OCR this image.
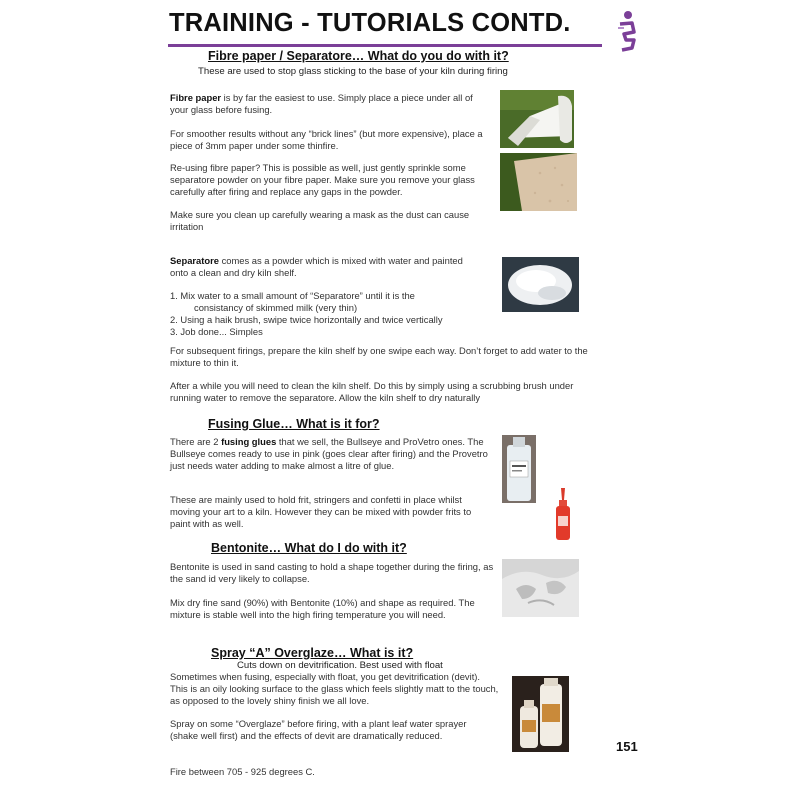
TRAINING - TUTORIALS CONTD.
Fibre paper / Separatore… What do you do with it?
These are used to stop glass sticking to the base of your kiln during firing
Fibre paper is by far the easiest to use. Simply place a piece under all of your glass before fusing.
For smoother results without any “brick lines” (but more expensive), place a piece of 3mm paper under some thinfire.
Re-using fibre paper? This is possible as well, just gently sprinkle some separatore powder on your fibre paper. Make sure you remove your glass carefully after firing and replace any gaps in the powder.
Make sure you clean up carefully wearing a mask as the dust can cause irritation
Separatore comes as a powder which is mixed with water and painted onto a clean and dry kiln shelf.
1. Mix water to a small amount of “Separatore” until it is the
consistancy of skimmed milk (very thin)
2. Using a haik brush, swipe twice horizontally and twice vertically
3. Job done... Simples
For subsequent firings, prepare the kiln shelf by one swipe each way. Don’t forget to add water to the mixture to thin it.
After a while you will need to clean the kiln shelf. Do this by simply using a scrubbing brush under running water to remove the separatore. Allow the kiln shelf to dry naturally
Fusing Glue… What is it for?
There are 2 fusing glues that we sell, the Bullseye and ProVetro ones. The Bullseye comes ready to use in pink (goes clear after firing) and the Provetro just needs water adding to make almost a litre of glue.
These are mainly used to hold frit, stringers and confetti in place whilst moving your art to a kiln. However they can be mixed with powder frits to paint with as well.
Bentonite… What do I do with it?
Bentonite is used in sand casting to hold a shape together during the firing, as the sand id very likely to collapse.
Mix dry fine sand (90%) with Bentonite (10%) and shape as required. The mixture is stable well into the high firing temperature you will need.
Spray “A” Overglaze… What is it?
Cuts down on devitrification. Best used with float
Sometimes when fusing, especially with float, you get devitrification (devit). This is an oily looking surface to the glass which feels slightly matt to the touch, as opposed to the lovely shiny finish we all love.
Spray on some “Overglaze” before firing, with a plant leaf water sprayer (shake well first) and the effects of devit are dramatically reduced.
Fire between 705 - 925 degrees C.
151
